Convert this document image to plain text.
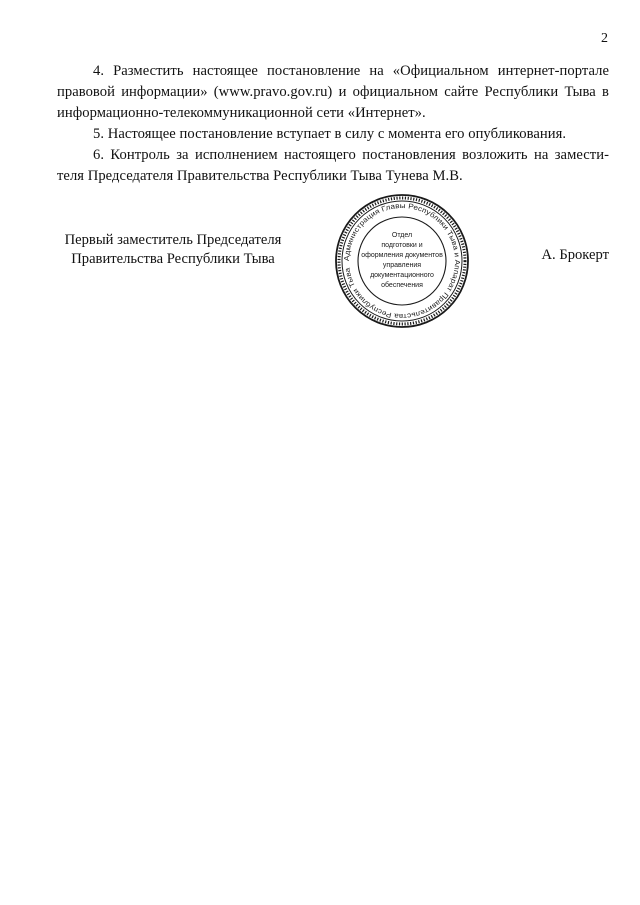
2

4. Разместить настоящее постановление на «Официальном интернет-портале
правовой информации» (www.pravo.gov.ru) и официальном сайте Республики Тыва в
информационно-телекоммуникационной сети «Интернет».

5. Настоящее постановление вступает в силу с момента его опубликования.

6. Контроль за исполнением настоящего постановления возложить на замести-
теля Председателя Правительства Республики Тыва Тунева М.В.

Первый заместитель Председателя
Правительства Республики Тыва	А. Брокерт
Администрация Главы Республики Тыва и Аппарат Правительства Республики Тыва
Отдел
подготовки и
оформления документов
управления
документационного
обеспечения
